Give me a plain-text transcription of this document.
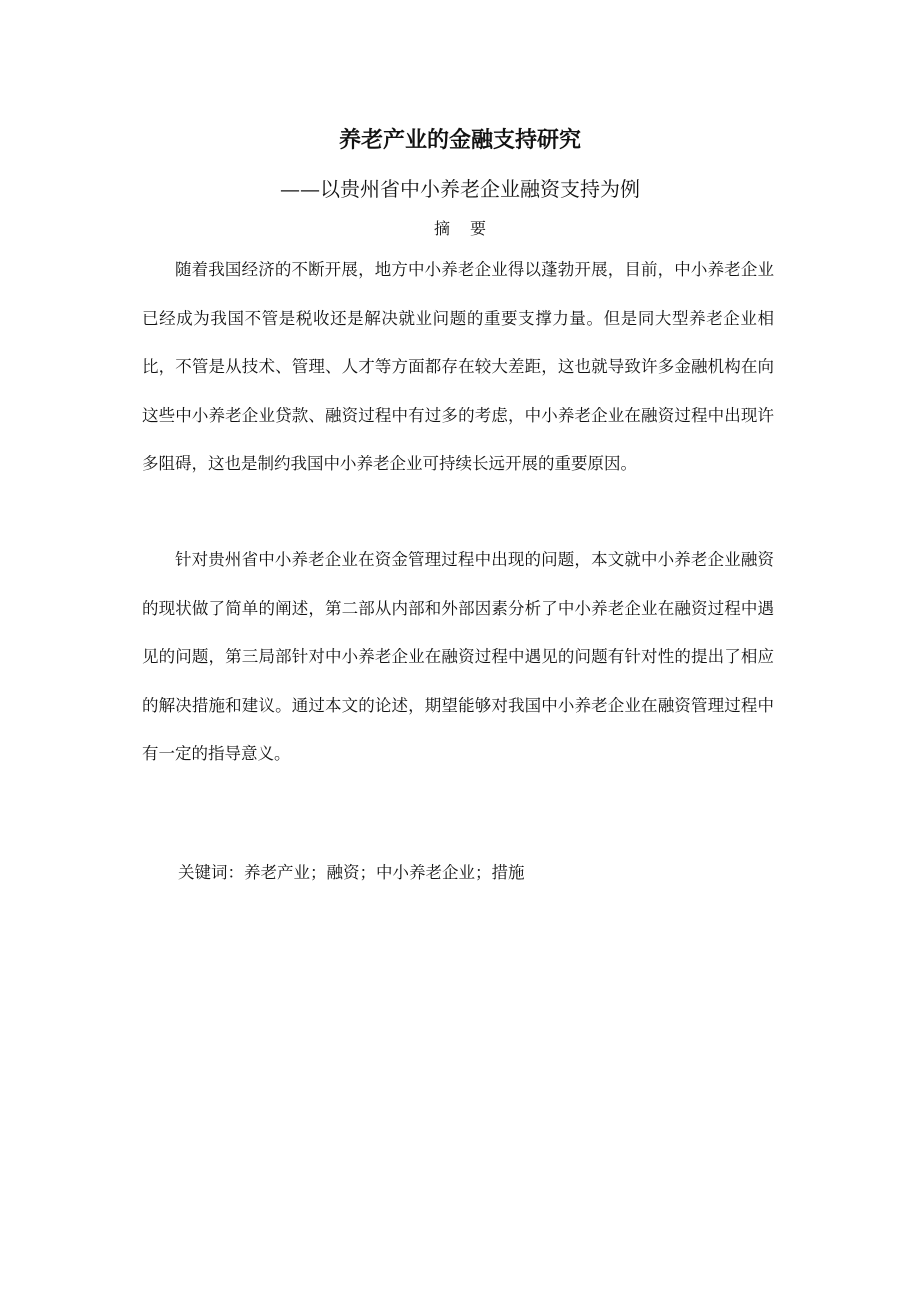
养老产业的金融支持研究
——以贵州省中小养老企业融资支持为例
摘 要

随着我国经济的不断开展，地方中小养老企业得以蓬勃开展，目前，中小养老企业已经成为我国不管是税收还是解决就业问题的重要支撑力量。但是同大型养老企业相比，不管是从技术、管理、人才等方面都存在较大差距，这也就导致许多金融机构在向这些中小养老企业贷款、融资过程中有过多的考虑，中小养老企业在融资过程中出现许多阻碍，这也是制约我国中小养老企业可持续长远开展的重要原因。

针对贵州省中小养老企业在资金管理过程中出现的问题，本文就中小养老企业融资的现状做了简单的阐述，第二部从内部和外部因素分析了中小养老企业在融资过程中遇见的问题，第三局部针对中小养老企业在融资过程中遇见的问题有针对性的提出了相应的解决措施和建议。通过本文的论述，期望能够对我国中小养老企业在融资管理过程中有一定的指导意义。

关键词：养老产业；融资；中小养老企业；措施
